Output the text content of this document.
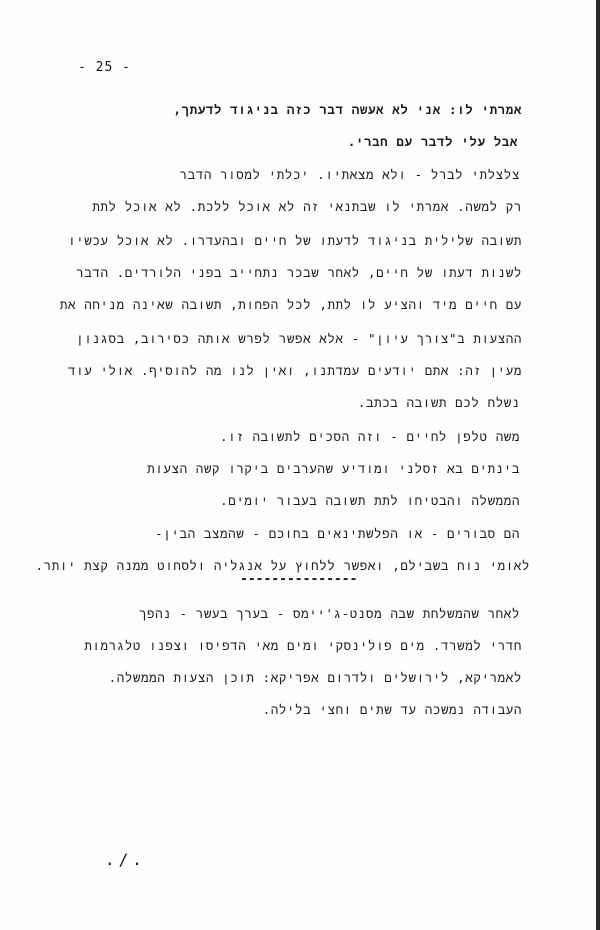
- 25 -
אמרתי לו: אני לא אעשה דבר כזה בניגוד לדעתך,
אבל עלי לדבר עם חברי.
צלצלתי לברל - ולא מצאתיו. יכלתי למסור הדבר
רק למשה. אמרתי לו שבתנאי זה לא אוכל ללכת. לא אוכל לתת
תשובה שלילית בניגוד לדעתו של חיים ובהעדרו. לא אוכל עכשיו
לשנות דעתו של חיים, לאחר שבכר נתחייב בפני הלורדים. הדבר
עם חיים מיד והציע לו לתת, לכל הפחות, תשובה שאינה מניחה את
ההצעות ב"צורך עיון" - אלא אפשר לפרש אותה כסירוב, בסגנון
מעין זה: אתם יודעים עמדתנו, ואין לנו מה להוסיף. אולי עוד
נשלח לכם תשובה בכתב.
משה טלפן לחיים - וזה הסכים לתשובה זו.
בינתים בא זסלני ומודיע שהערבים ביקרו קשה הצעות
הממשלה והבטיחו לתת תשובה בעבור יומים.
הם סבורים - או הפלשתינאים בחוכם - שהמצב הבין-
לאומי נוח בשבילם, ואפשר ללחוץ על אנגליה ולסחוט ממנה קצת יותר.
---------------
לאחר שהמשלחת שבה מסנט-ג'יימס - בערך בעשר - נהפך
חדרי למשרד. מים פולינסקי ומים מאי הדפיסו וצפנו טלגרמות
לאמריקא, לירושלים ולדרום אפריקא: תוכן הצעות הממשלה.
העבודה נמשכה עד שתים וחצי בלילה.
./.
